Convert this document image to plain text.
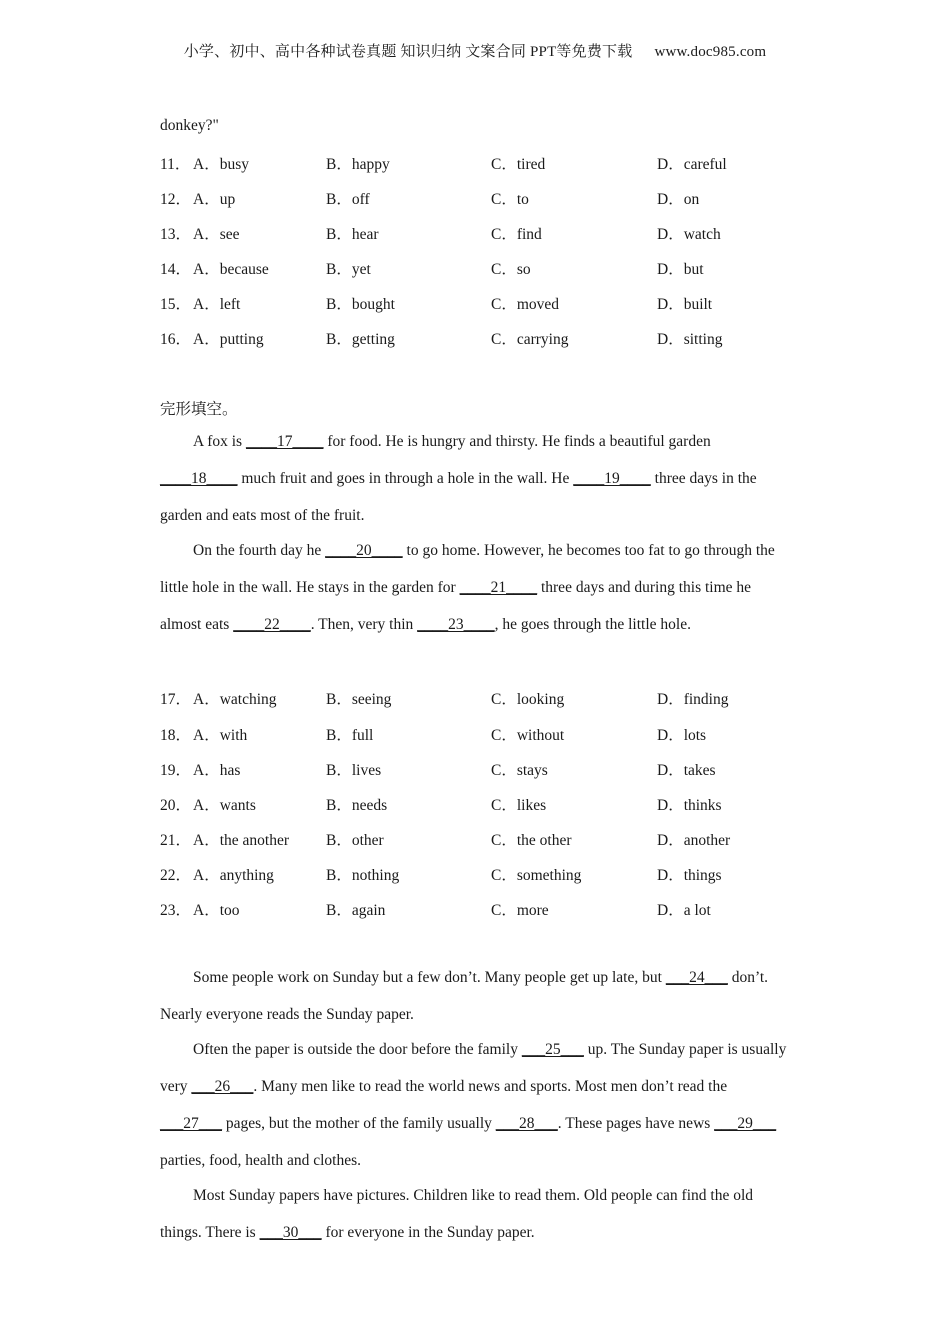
小学、初中、高中各种试卷真题 知识归纳 文案合同 PPT等免费下载 www.doc985.com
donkey?"
11． A．busy	B．happy	C．tired	D．careful
12． A．up	B．off	C．to	D．on
13． A．see	B．hear	C．find	D．watch
14． A．because	B．yet	C．so	D．but
15． A．left	B．bought	C．moved	D．built
16． A．putting	B．getting	C．carrying	D．sitting
完形填空。
A fox is ____17____ for food. He is hungry and thirsty. He finds a beautiful garden ____18____ much fruit and goes in through a hole in the wall. He ____19____ three days in the garden and eats most of the fruit.
On the fourth day he ____20____ to go home. However, he becomes too fat to go through the little hole in the wall. He stays in the garden for ____21____ three days and during this time he almost eats ____22____. Then, very thin ____23____, he goes through the little hole.
17． A．watching	B．seeing	C．looking	D．finding
18． A．with	B．full	C．without	D．lots
19． A．has	B．lives	C．stays	D．takes
20． A．wants	B．needs	C．likes	D．thinks
21． A．the another B．other	C．the other	D．another
22． A．anything	B．nothing	C．something	D．things
23． A．too	B．again	C．more	D．a lot
Some people work on Sunday but a few don’t. Many people get up late, but ___24___ don’t. Nearly everyone reads the Sunday paper.
Often the paper is outside the door before the family ___25___ up. The Sunday paper is usually very ___26___. Many men like to read the world news and sports. Most men don’t read the ___27___ pages, but the mother of the family usually ___28___. These pages have news ___29___ parties, food, health and clothes.
Most Sunday papers have pictures. Children like to read them. Old people can find the old things. There is ___30___ for everyone in the Sunday paper.
